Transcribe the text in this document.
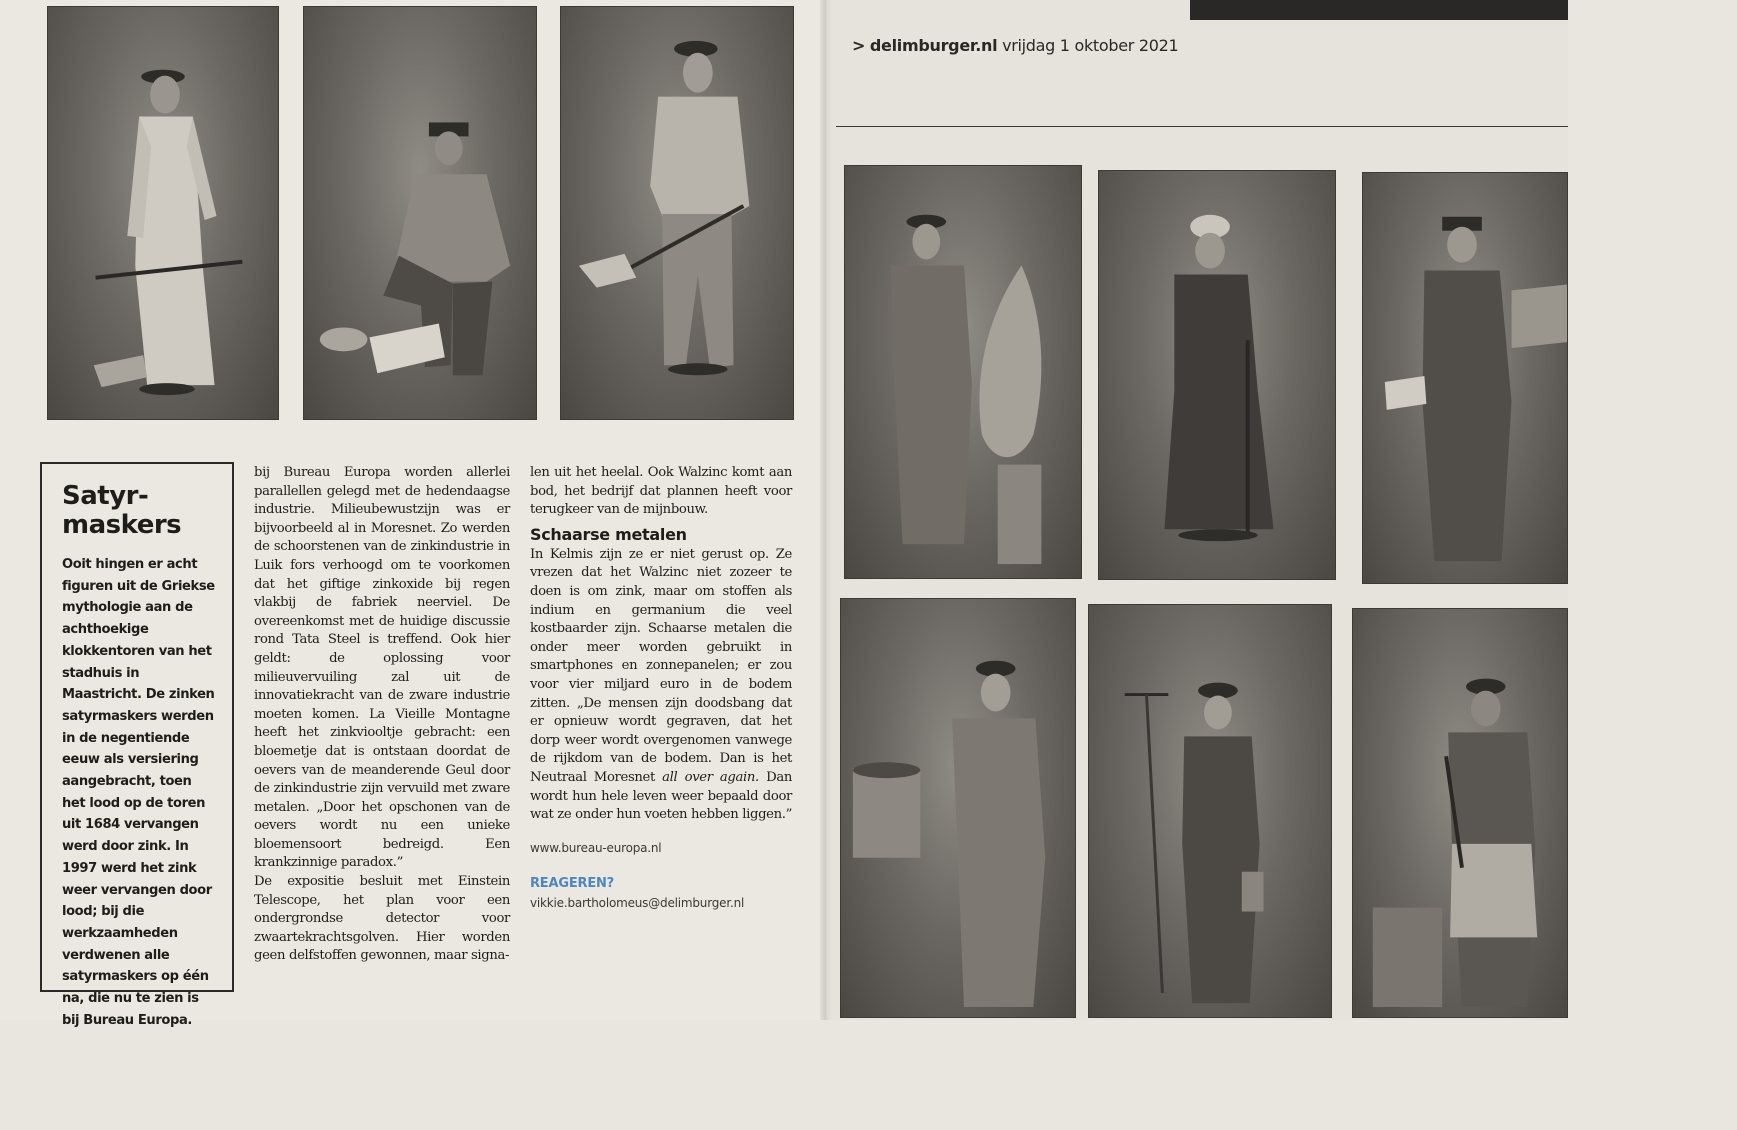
Satyr-
maskers

Ooit hingen er acht figuren uit de Griekse mythologie aan de achthoekige klokkentoren van het stadhuis in Maastricht. De zinken satyrmaskers werden in de negentiende eeuw als versiering aangebracht, toen het lood op de toren uit 1684 vervangen werd door zink. In 1997 werd het zink weer vervangen door lood; bij die werkzaamheden verdwenen alle satyrmaskers op één na, die nu te zien is bij Bureau Europa.

bij Bureau Europa worden allerlei parallellen gelegd met de hedendaagse industrie. Milieubewustzijn was er bijvoorbeeld al in Moresnet. Zo werden de schoorstenen van de zinkindustrie in Luik fors verhoogd om te voorkomen dat het giftige zinkoxide bij regen vlakbij de fabriek neerviel. De overeenkomst met de huidige discussie rond Tata Steel is treffend. Ook hier geldt: de oplossing voor milieuvervuiling zal uit de innovatiekracht van de zware industrie moeten komen. La Vieille Montagne heeft het zinkviooltje gebracht: een bloemetje dat is ontstaan doordat de oevers van de meanderende Geul door de zinkindustrie zijn vervuild met zware metalen. „Door het opschonen van de oevers wordt nu een unieke bloemensoort bedreigd. Een krankzinnige paradox.”

De expositie besluit met Einstein Telescope, het plan voor een ondergrondse detector voor zwaartekrachtsgolven. Hier worden geen delfstoffen gewonnen, maar signa-

len uit het heelal. Ook Walzinc komt aan bod, het bedrijf dat plannen heeft voor terugkeer van de mijnbouw.

Schaarse metalen

In Kelmis zijn ze er niet gerust op. Ze vrezen dat het Walzinc niet zozeer te doen is om zink, maar om stoffen als indium en germanium die veel kostbaarder zijn. Schaarse metalen die onder meer worden gebruikt in smartphones en zonnepanelen; er zou voor vier miljard euro in de bodem zitten. „De mensen zijn doodsbang dat er opnieuw wordt gegraven, dat het dorp weer wordt overgenomen vanwege de rijkdom van de bodem. Dan is het Neutraal Moresnet all over again. Dan wordt hun hele leven weer bepaald door wat ze onder hun voeten hebben liggen.”

www.bureau-europa.nl
REAGEREN?
vikkie.bartholomeus@delimburger.nl
> delimburger.nl vrijdag 1 oktober 2021
